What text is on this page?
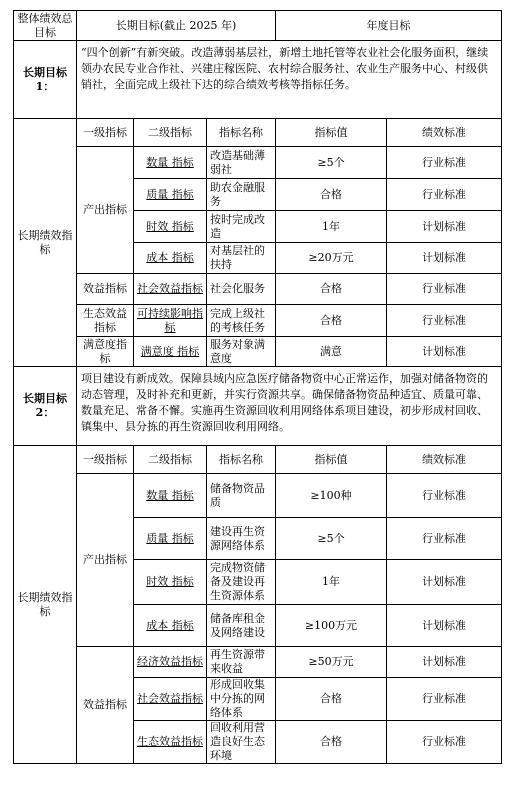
整体绩效总目标	长期目标(截止 2025 年)			年度目标	
长期目标1：	“四个创新”有新突破。改造薄弱基层社，新增土地托管等农业社会化服务面积，继续领办农民专业合作社、兴建庄稼医院、农村综合服务社、农业生产服务中心、村级供销社，全面完成上级社下达的综合绩效考核等指标任务。				
长期绩效指标	一级指标	二级指标	指标名称	指标值	绩效标准
	产出指标	数量 指标	改造基础薄弱社	≥5个	行业标准
		质量 指标	助农金融服务	合格	行业标准
		时效 指标	按时完成改造	1年	计划标准
		成本 指标	对基层社的扶持	≥20万元	计划标准
	效益指标	社会效益指标	社会化服务	合格	行业标准
	生态效益指标	可持续影响指标	完成上级社的考核任务	合格	行业标准
	满意度指标	满意度 指标	服务对象满意度	满意	计划标准
长期目标2：	项目建设有新成效。保障县域内应急医疗储备物资中心正常运作，加强对储备物资的动态管理，及时补充和更新，并实行资源共享。确保储备物资品种适宜、质量可靠、数量充足、常备不懈。实施再生资源回收利用网络体系项目建设，初步形成村回收、镇集中、县分拣的再生资源回收利用网络。				
长期绩效指标	一级指标	二级指标	指标名称	指标值	绩效标准
	产出指标	数量 指标	储备物资品质	≥100种	行业标准
		质量 指标	建设再生资源网络体系	≥5个	行业标准
		时效 指标	完成物资储备及建设再生资源体系	1年	计划标准
		成本 指标	储备库租金及网络建设	≥100万元	计划标准
	效益指标	经济效益指标	再生资源带来收益	≥50万元	计划标准
		社会效益指标	形成回收集中分拣的网络体系	合格	行业标准
		生态效益指标	回收利用营造良好生态环境	合格	行业标准
